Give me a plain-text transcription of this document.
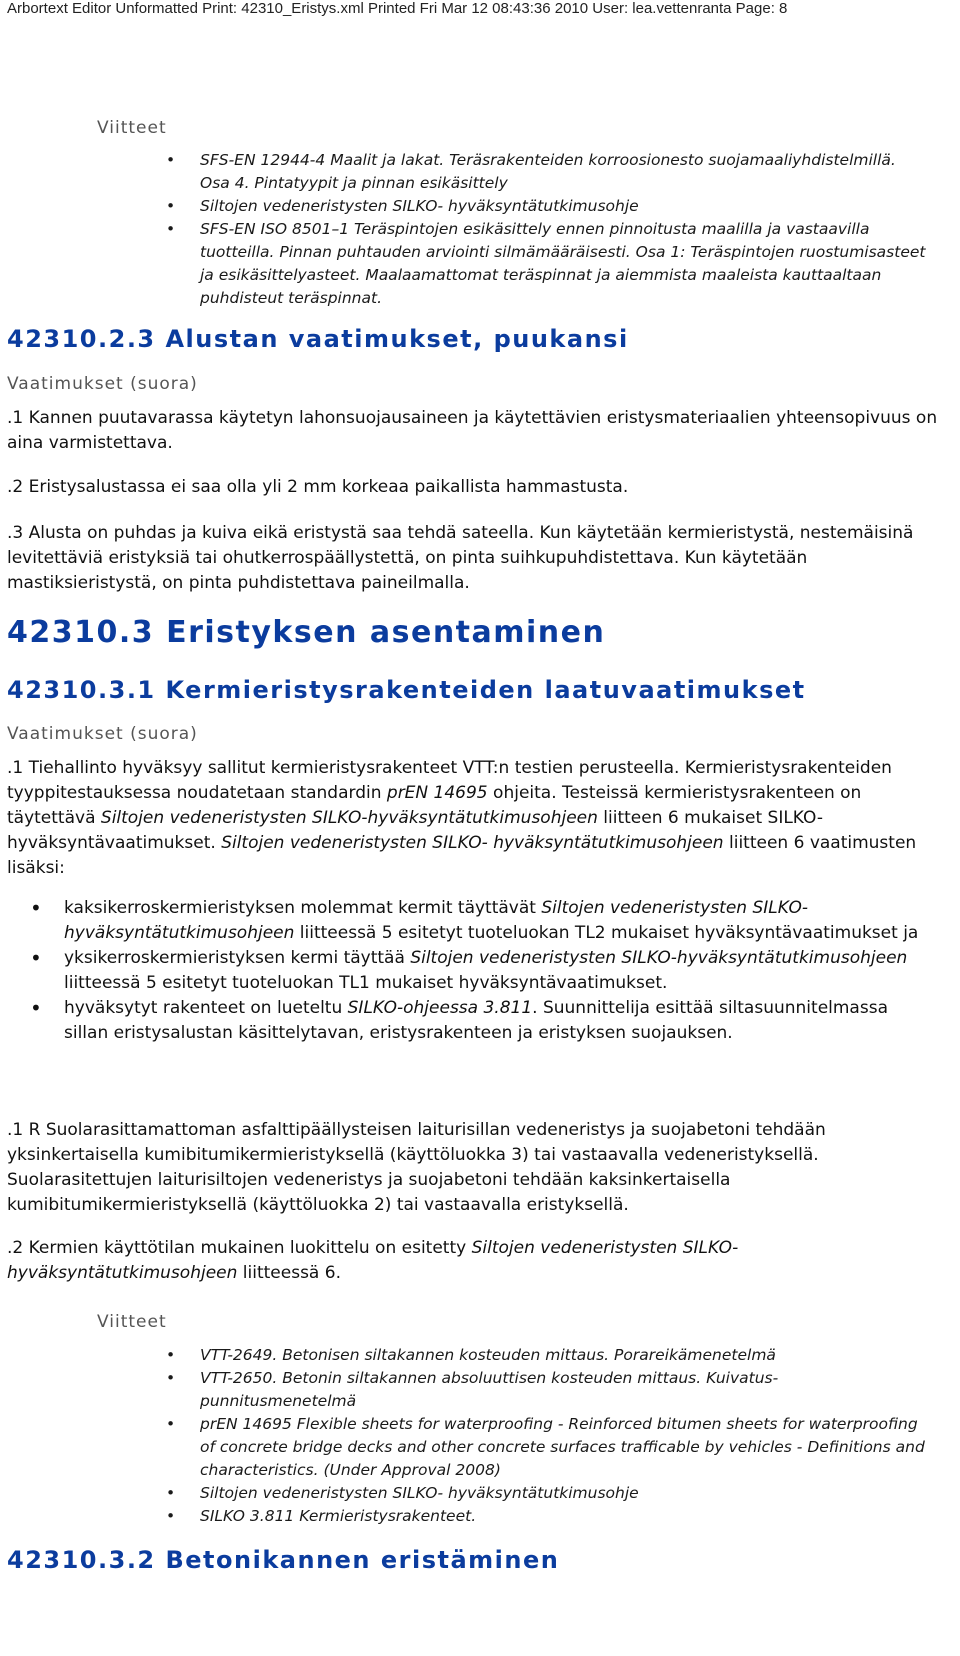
Arbortext Editor Unformatted Print: 42310_Eristys.xml Printed Fri Mar 12 08:43:36 2010 User: lea.vettenranta Page: 8
Viitteet
• SFS-EN 12944-4 Maalit ja lakat. Teräsrakenteiden korroosionesto suojamaaliyhdistelmillä. Osa 4. Pintatyypit ja pinnan esikäsittely
• Siltojen vedeneristysten SILKO- hyväksyntätutkimusohje
• SFS-EN ISO 8501–1 Teräspintojen esikäsittely ennen pinnoitusta maalilla ja vastaavilla tuotteilla. Pinnan puhtauden arviointi silmämääräisesti. Osa 1: Teräspintojen ruostumisasteet ja esikäsittelyasteet. Maalaamattomat teräspinnat ja aiemmista maaleista kauttaaltaan puhdisteut teräspinnat.
42310.2.3 Alustan vaatimukset, puukansi
Vaatimukset (suora)

.1 Kannen puutavarassa käytetyn lahonsuojausaineen ja käytettävien eristysmateriaalien yhteensopivuus on aina varmistettava.

.2 Eristysalustassa ei saa olla yli 2 mm korkeaa paikallista hammastusta.

.3 Alusta on puhdas ja kuiva eikä eristystä saa tehdä sateella. Kun käytetään kermieristystä, nestemäisinä levitettäviä eristyksiä tai ohutkerrospäällystettä, on pinta suihkupuhdistettava. Kun käytetään mastiksieristystä, on pinta puhdistettava paineilmalla.

42310.3 Eristyksen asentaminen
42310.3.1 Kermieristysrakenteiden laatuvaatimukset
Vaatimukset (suora)

.1 Tiehallinto hyväksyy sallitut kermieristysrakenteet VTT:n testien perusteella. Kermieristysrakenteiden tyyppitestauksessa noudatetaan standardin prEN 14695 ohjeita. Testeissä kermieristysrakenteen on täytettävä Siltojen vedeneristysten SILKO-hyväksyntätutkimusohjeen liitteen 6 mukaiset SILKO-hyväksyntävaatimukset. Siltojen vedeneristysten SILKO- hyväksyntätutkimusohjeen liitteen 6 vaatimusten lisäksi:

• kaksikerroskermieristyksen molemmat kermit täyttävät Siltojen vedeneristysten SILKO-hyväksyntätutkimusohjeen liitteessä 5 esitetyt tuoteluokan TL2 mukaiset hyväksyntävaatimukset ja
• yksikerroskermieristyksen kermi täyttää Siltojen vedeneristysten SILKO-hyväksyntätutkimusohjeen liitteessä 5 esitetyt tuoteluokan TL1 mukaiset hyväksyntävaatimukset.
• hyväksytyt rakenteet on lueteltu SILKO-ohjeessa 3.811. Suunnittelija esittää siltasuunnitelmassa sillan eristysalustan käsittelytavan, eristysrakenteen ja eristyksen suojauksen.

.1 R Suolarasittamattoman asfalttipäällysteisen laiturisillan vedeneristys ja suojabetoni tehdään yksinkertaisella kumibitumikermieristyksellä (käyttöluokka 3) tai vastaavalla vedeneristyksellä. Suolarasitettujen laiturisiltojen vedeneristys ja suojabetoni tehdään kaksinkertaisella kumibitumikermieristyksellä (käyttöluokka 2) tai vastaavalla eristyksellä.

.2 Kermien käyttötilan mukainen luokittelu on esitetty Siltojen vedeneristysten SILKO-hyväksyntätutkimusohjeen liitteessä 6.

Viitteet
• VTT-2649. Betonisen siltakannen kosteuden mittaus. Porareikämenetelmä
• VTT-2650. Betonin siltakannen absoluuttisen kosteuden mittaus. Kuivatus-punnitusmenetelmä
• prEN 14695 Flexible sheets for waterproofing - Reinforced bitumen sheets for waterproofing of concrete bridge decks and other concrete surfaces trafficable by vehicles - Definitions and characteristics. (Under Approval 2008)
• Siltojen vedeneristysten SILKO- hyväksyntätutkimusohje
• SILKO 3.811 Kermieristysrakenteet.
42310.3.2 Betonikannen eristäminen
